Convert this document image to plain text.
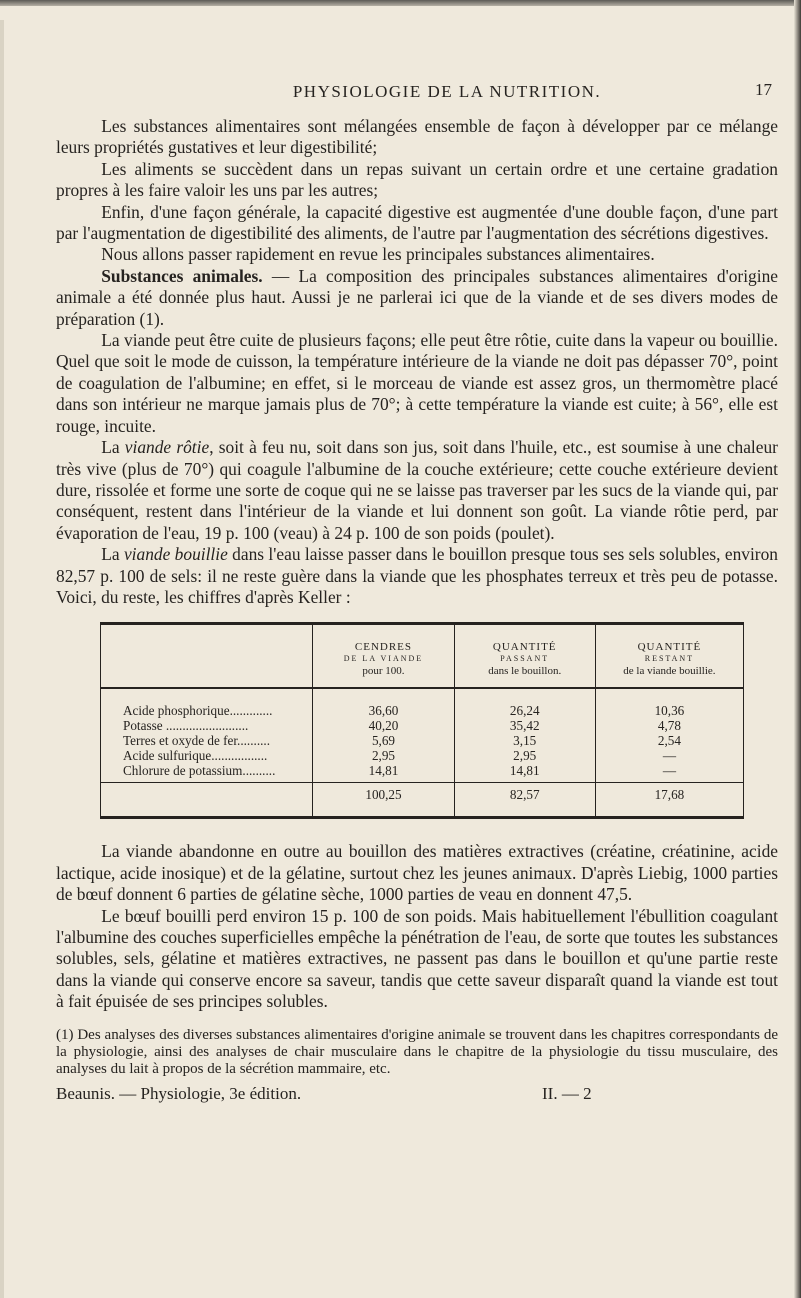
PHYSIOLOGIE DE LA NUTRITION.	17

Les substances alimentaires sont mélangées ensemble de façon à développer par ce mélange leurs propriétés gustatives et leur digestibilité;

Les aliments se succèdent dans un repas suivant un certain ordre et une certaine gradation propres à les faire valoir les uns par les autres;

Enfin, d'une façon générale, la capacité digestive est augmentée d'une double façon, d'une part par l'augmentation de digestibilité des aliments, de l'autre par l'augmentation des sécrétions digestives.

Nous allons passer rapidement en revue les principales substances alimentaires.

Substances animales. — La composition des principales substances alimentaires d'origine animale a été donnée plus haut. Aussi je ne parlerai ici que de la viande et de ses divers modes de préparation (1).

La viande peut être cuite de plusieurs façons; elle peut être rôtie, cuite dans la vapeur ou bouillie. Quel que soit le mode de cuisson, la température intérieure de la viande ne doit pas dépasser 70°, point de coagulation de l'albumine; en effet, si le morceau de viande est assez gros, un thermomètre placé dans son intérieur ne marque jamais plus de 70°; à cette température la viande est cuite; à 56°, elle est rouge, incuite.

La viande rôtie, soit à feu nu, soit dans son jus, soit dans l'huile, etc., est soumise à une chaleur très vive (plus de 70°) qui coagule l'albumine de la couche extérieure; cette couche extérieure devient dure, rissolée et forme une sorte de coque qui ne se laisse pas traverser par les sucs de la viande qui, par conséquent, restent dans l'intérieur de la viande et lui donnent son goût. La viande rôtie perd, par évaporation de l'eau, 19 p. 100 (veau) à 24 p. 100 de son poids (poulet).

La viande bouillie dans l'eau laisse passer dans le bouillon presque tous ses sels solubles, environ 82,57 p. 100 de sels: il ne reste guère dans la viande que les phosphates terreux et très peu de potasse. Voici, du reste, les chiffres d'après Keller :

	CENDRES
DE LA VIANDE
pour 100.	QUANTITÉ
PASSANT
dans le bouillon.	QUANTITÉ
RESTANT
de la viande bouillie.

Acide phosphorique.............	36,60	26,24	10,36
Potasse .........................	40,20	35,42	4,78
Terres et oxyde de fer..........	5,69	3,15	2,54
Acide sulfurique.................	2,95	2,95	—
Chlorure de potassium..........	14,81	14,81	—
	100,25	82,57	17,68

La viande abandonne en outre au bouillon des matières extractives (créatine, créatinine, acide lactique, acide inosique) et de la gélatine, surtout chez les jeunes animaux. D'après Liebig, 1000 parties de bœuf donnent 6 parties de gélatine sèche, 1000 parties de veau en donnent 47,5.

Le bœuf bouilli perd environ 15 p. 100 de son poids. Mais habituellement l'ébullition coagulant l'albumine des couches superficielles empêche la pénétration de l'eau, de sorte que toutes les substances solubles, sels, gélatine et matières extractives, ne passent pas dans le bouillon et qu'une partie reste dans la viande qui conserve encore sa saveur, tandis que cette saveur disparaît quand la viande est tout à fait épuisée de ses principes solubles.

(1) Des analyses des diverses substances alimentaires d'origine animale se trouvent dans les chapitres correspondants de la physiologie, ainsi des analyses de chair musculaire dans le chapitre de la physiologie du tissu musculaire, des analyses du lait à propos de la sécrétion mammaire, etc.

Beaunis. — Physiologie, 3e édition.	II. — 2
